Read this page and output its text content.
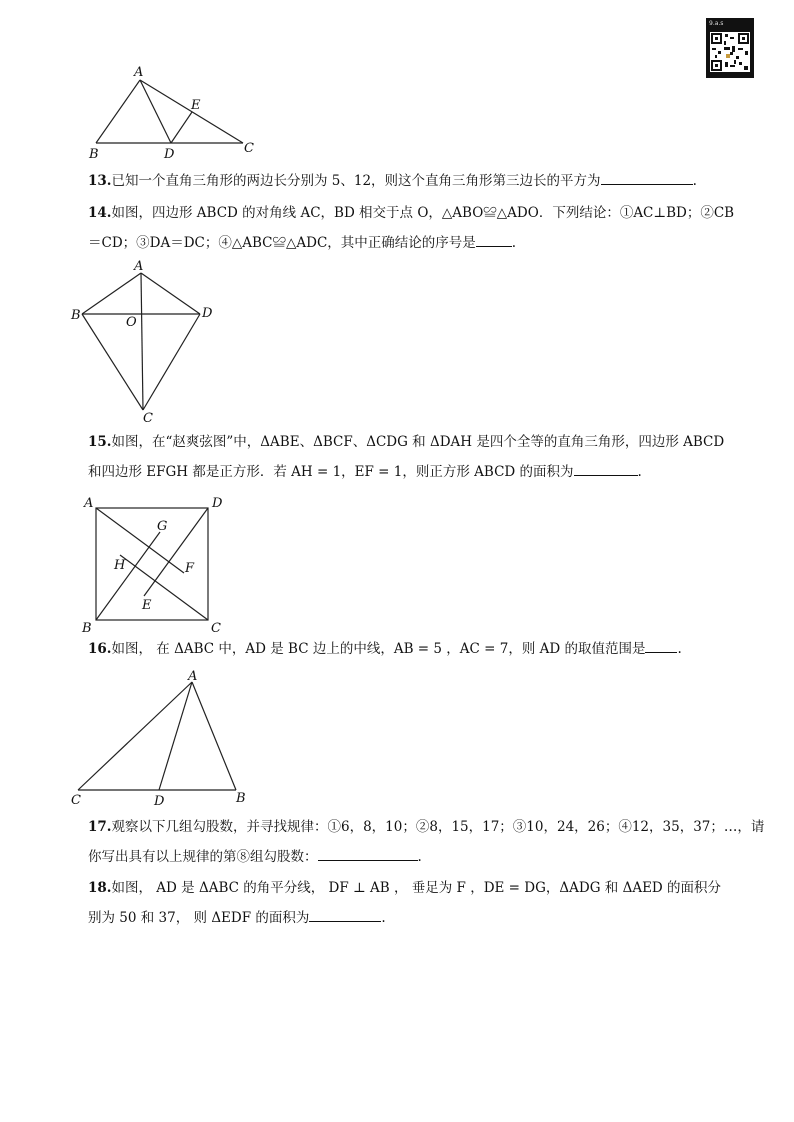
9.a.s
A
E
B	D	C
13.已知一个直角三角形的两边长分别为 5、12，则这个直角三角形第三边长的平方为	.
14.如图，四边形 ABCD 的对角线 AC，BD 相交于点 O，△ABO≌△ADO．下列结论：①AC⊥BD；②CB
＝CD；③DA＝DC；④△ABC≌△ADC，其中正确结论的序号是	.
A
B	O
D
C
15.如图，在“赵爽弦图”中，ΔABE、ΔBCF、ΔCDG 和 ΔDAH 是四个全等的直角三角形，四边形 ABCD
和四边形 EFGH 都是正方形．若 AH = 1，EF = 1，则正方形 ABCD 的面积为	.
A	D
G
H	F
E
B	C
16.如图， 在 ΔABC 中，AD 是 BC 边上的中线，AB = 5 ，AC = 7，则 AD 的取值范围是 .
A
C	D	B
17.观察以下几组勾股数，并寻找规律：①6，8，10；②8，15，17；③10，24，26；④12，35，37；…，请
你写出具有以上规律的第⑧组勾股数：	.
18.如图， AD 是 ΔABC 的角平分线， DF ⊥ AB ， 垂足为 F ，DE = DG，ΔADG 和 ΔAED 的面积分
别为 50 和 37， 则 ΔEDF 的面积为	.
